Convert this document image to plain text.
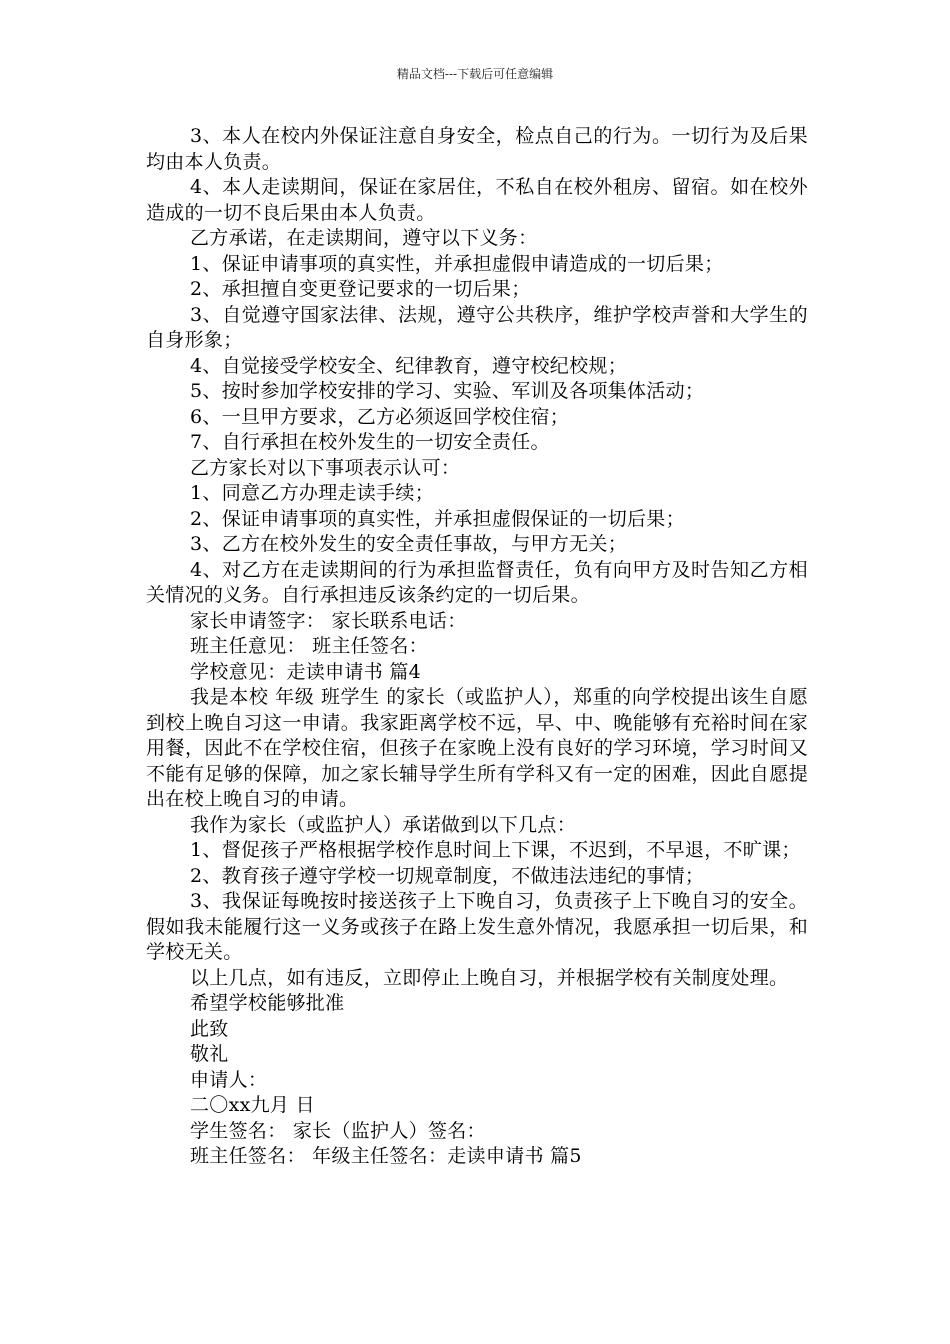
精品文档---下载后可任意编辑

3、本人在校内外保证注意自身安全，检点自己的行为。一切行为及后果均由本人负责。

4、本人走读期间，保证在家居住，不私自在校外租房、留宿。如在校外造成的一切不良后果由本人负责。

乙方承诺，在走读期间，遵守以下义务：

1、保证申请事项的真实性，并承担虚假申请造成的一切后果；

2、承担擅自变更登记要求的一切后果；

3、自觉遵守国家法律、法规，遵守公共秩序，维护学校声誉和大学生的自身形象；

4、自觉接受学校安全、纪律教育，遵守校纪校规；

5、按时参加学校安排的学习、实验、军训及各项集体活动；

6、一旦甲方要求，乙方必须返回学校住宿；

7、自行承担在校外发生的一切安全责任。

乙方家长对以下事项表示认可：

1、同意乙方办理走读手续；

2、保证申请事项的真实性，并承担虚假保证的一切后果；

3、乙方在校外发生的安全责任事故，与甲方无关；

4、对乙方在走读期间的行为承担监督责任，负有向甲方及时告知乙方相关情况的义务。自行承担违反该条约定的一切后果。

家长申请签字： 家长联系电话：

班主任意见： 班主任签名：

学校意见：走读申请书 篇4

我是本校 年级 班学生 的家长（或监护人），郑重的向学校提出该生自愿到校上晚自习这一申请。我家距离学校不远，早、中、晚能够有充裕时间在家用餐，因此不在学校住宿，但孩子在家晚上没有良好的学习环境，学习时间又不能有足够的保障，加之家长辅导学生所有学科又有一定的困难，因此自愿提出在校上晚自习的申请。

我作为家长（或监护人）承诺做到以下几点：

1、督促孩子严格根据学校作息时间上下课，不迟到，不早退，不旷课；

2、教育孩子遵守学校一切规章制度，不做违法违纪的事情；

3、我保证每晚按时接送孩子上下晚自习，负责孩子上下晚自习的安全。假如我未能履行这一义务或孩子在路上发生意外情况，我愿承担一切后果，和学校无关。

以上几点，如有违反，立即停止上晚自习，并根据学校有关制度处理。

希望学校能够批准

此致

敬礼

申请人：

二〇xx九月 日

学生签名： 家长（监护人）签名：

班主任签名： 年级主任签名：走读申请书 篇5
